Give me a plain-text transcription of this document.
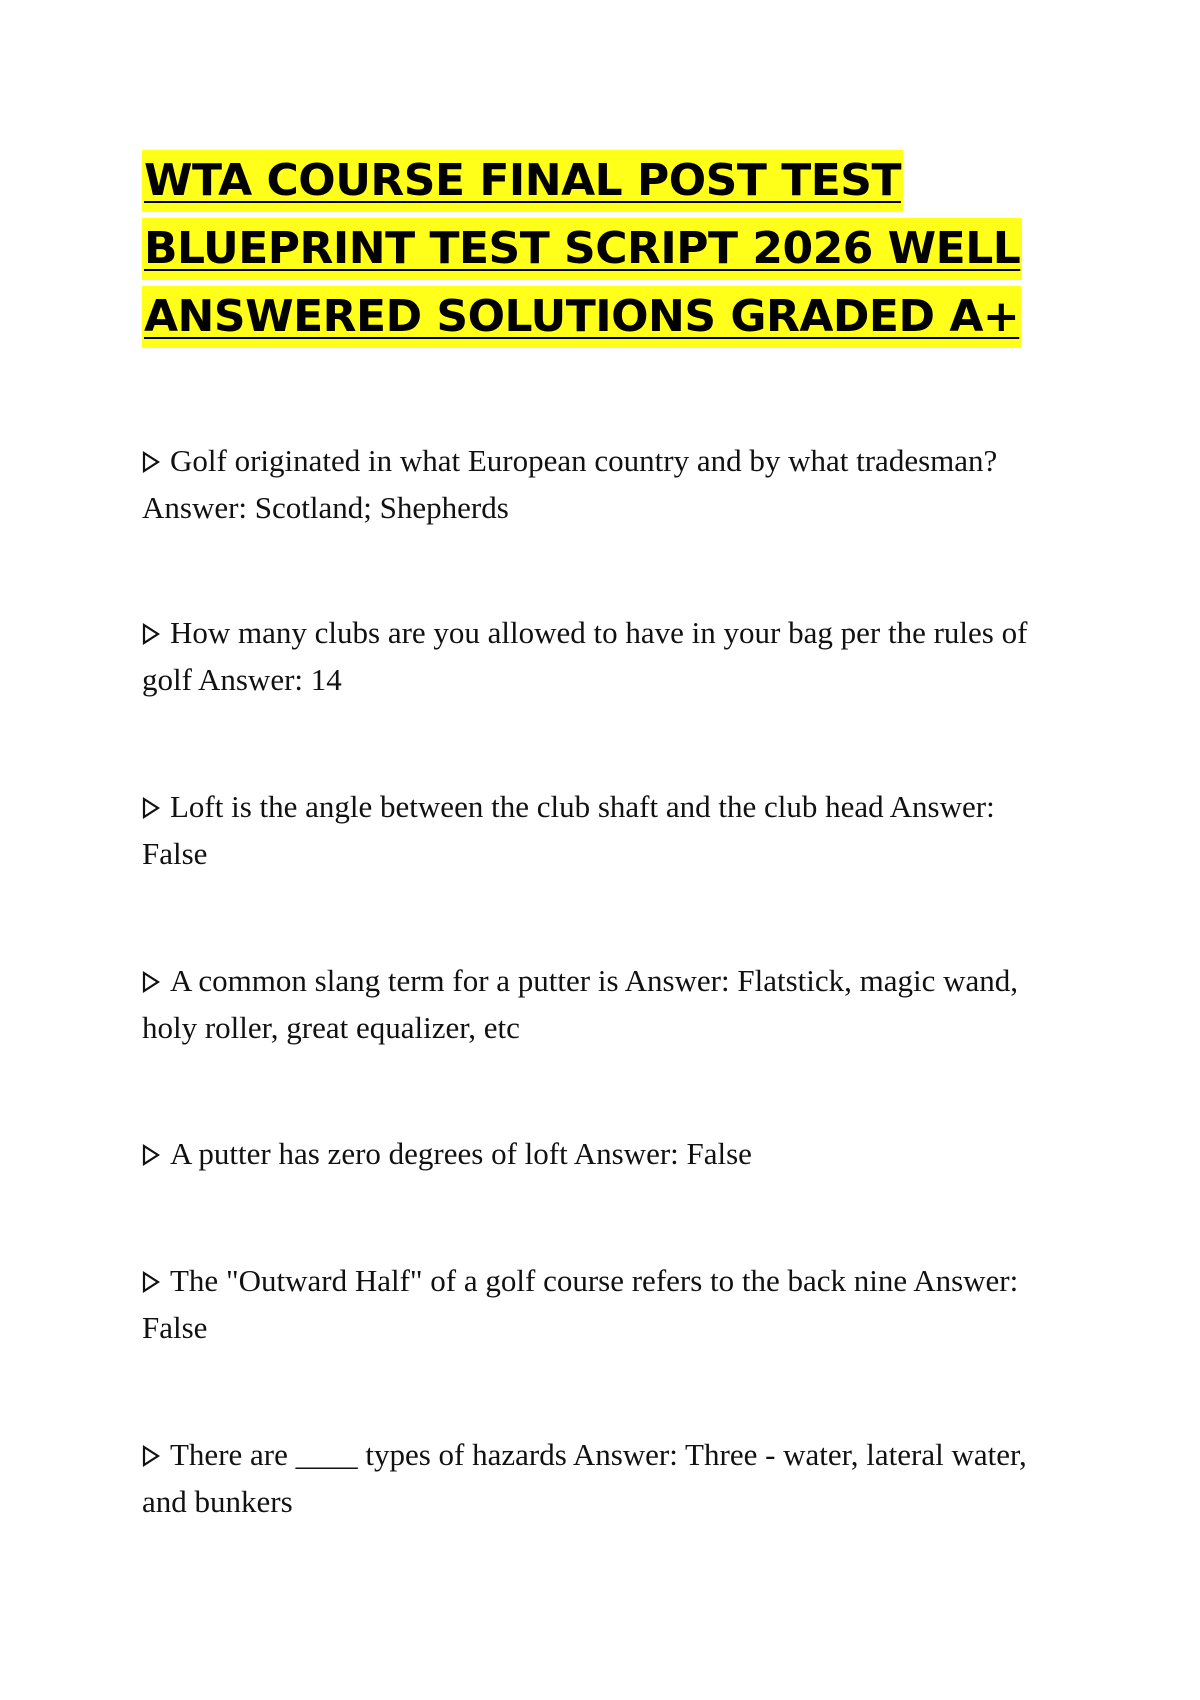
WTA COURSE FINAL POST TEST
BLUEPRINT TEST SCRIPT 2026 WELL
ANSWERED SOLUTIONS GRADED A+

Golf originated in what European country and by what tradesman? Answer: Scotland; Shepherds

How many clubs are you allowed to have in your bag per the rules of golf Answer: 14

Loft is the angle between the club shaft and the club head Answer: False

A common slang term for a putter is Answer: Flatstick, magic wand, holy roller, great equalizer, etc

A putter has zero degrees of loft Answer: False

The "Outward Half" of a golf course refers to the back nine Answer: False

There are ____ types of hazards Answer: Three - water, lateral water, and bunkers
